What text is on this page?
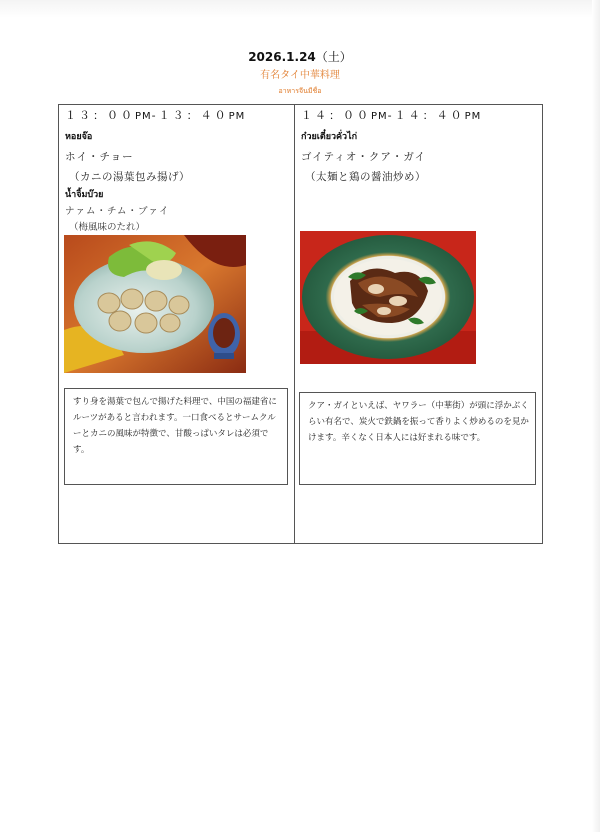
2026.1.24（土）
有名タイ中華料理
อาหารจีนมีชื่อ
１３：００PM-１３：４０PM
หอยจ๊อ
ホイ・チョー
（カニの湯葉包み揚げ）
น้ำจิ้มบ๊วย
ナァム・チム・ブァイ
（梅風味のたれ）
すり身を湯葉で包んで揚げた料理で、中国の福建省にルーツがあると言われます。一口食べるとサームクルーとカニの風味が特徴で、甘酸っぱいタレは必須です。
１４：００PM-１４：４０PM
ก๋วยเตี๋ยวคั่วไก่
ゴイティオ・クア・ガイ
（太麺と鶏の醤油炒め）
クア・ガイといえば、ヤワラー（中華街）が頭に浮かぶくらい有名で、炭火で鉄鍋を振って香りよく炒めるのを見かけます。辛くなく日本人には好まれる味です。
